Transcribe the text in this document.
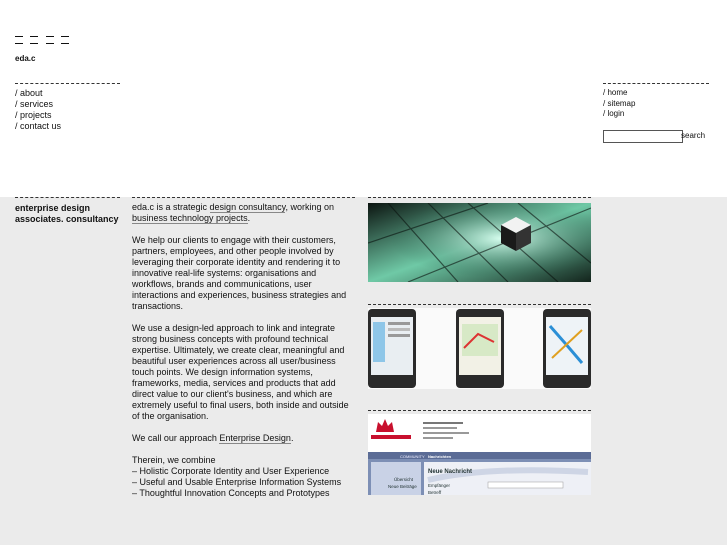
eda.c
/ about
/ services
/ projects
/ contact us
/ home
/ sitemap
/ login
search
enterprise design
associates. consultancy

eda.c is a strategic design consultancy, working on business technology projects.

We help our clients to engage with their customers, partners, employees, and other people involved by leveraging their corporate identity and rendering it to innovative real-life systems: organisations and workflows, brands and communications, user interactions and experiences, business strategies and transactions.

We use a design-led approach to link and integrate strong business concepts with profound technical expertise. Ultimately, we create clear, meaningful and beautiful user experiences across all user/business touch points. We design information systems, frameworks, media, services and products that add direct value to our client's business, and which are extremely useful to final users, both inside and outside of the organisation.

We call our approach Enterprise Design.

Therein, we combine
– Holistic Corporate Identity and User Experience
– Useful and Usable Enterprise Information Systems
– Thoughtful Innovation Concepts and Prototypes
COMMUNITY Nachrichten
Übersicht
Neue Beiträge
Neue Nachricht
Empfänger
Betreff
